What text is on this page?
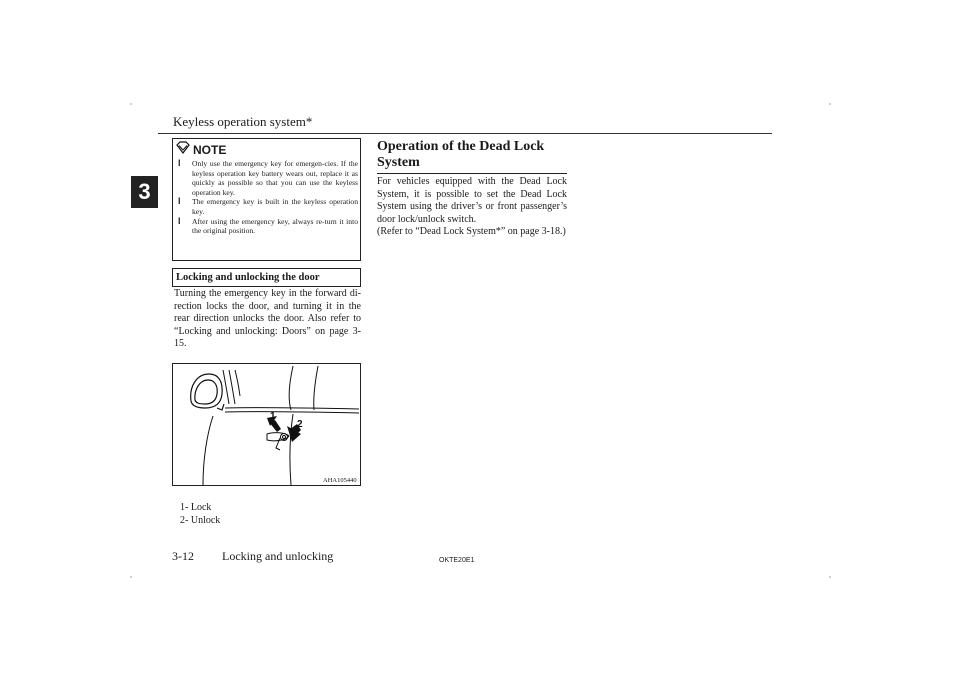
Keyless operation system*
3
NOTE
l Only use the emergency key for emergen-cies. If the keyless operation key battery wears out, replace it as quickly as possible so that you can use the keyless operation key.
l The emergency key is built in the keyless operation key.
l After using the emergency key, always re-turn it into the original position.
Locking and unlocking the door
Turning the emergency key in the forward di-rection locks the door, and turning it in the rear direction unlocks the door. Also refer to “Locking and unlocking: Doors” on page 3-15.
1
2
AHA105440
1- Lock
2- Unlock
Operation of the Dead Lock System
For vehicles equipped with the Dead Lock System, it is possible to set the Dead Lock System using the driver’s or front passenger’s door lock/unlock switch.
(Refer to “Dead Lock System*” on page 3-18.)
3-12 Locking and unlocking	OKTE20E1
